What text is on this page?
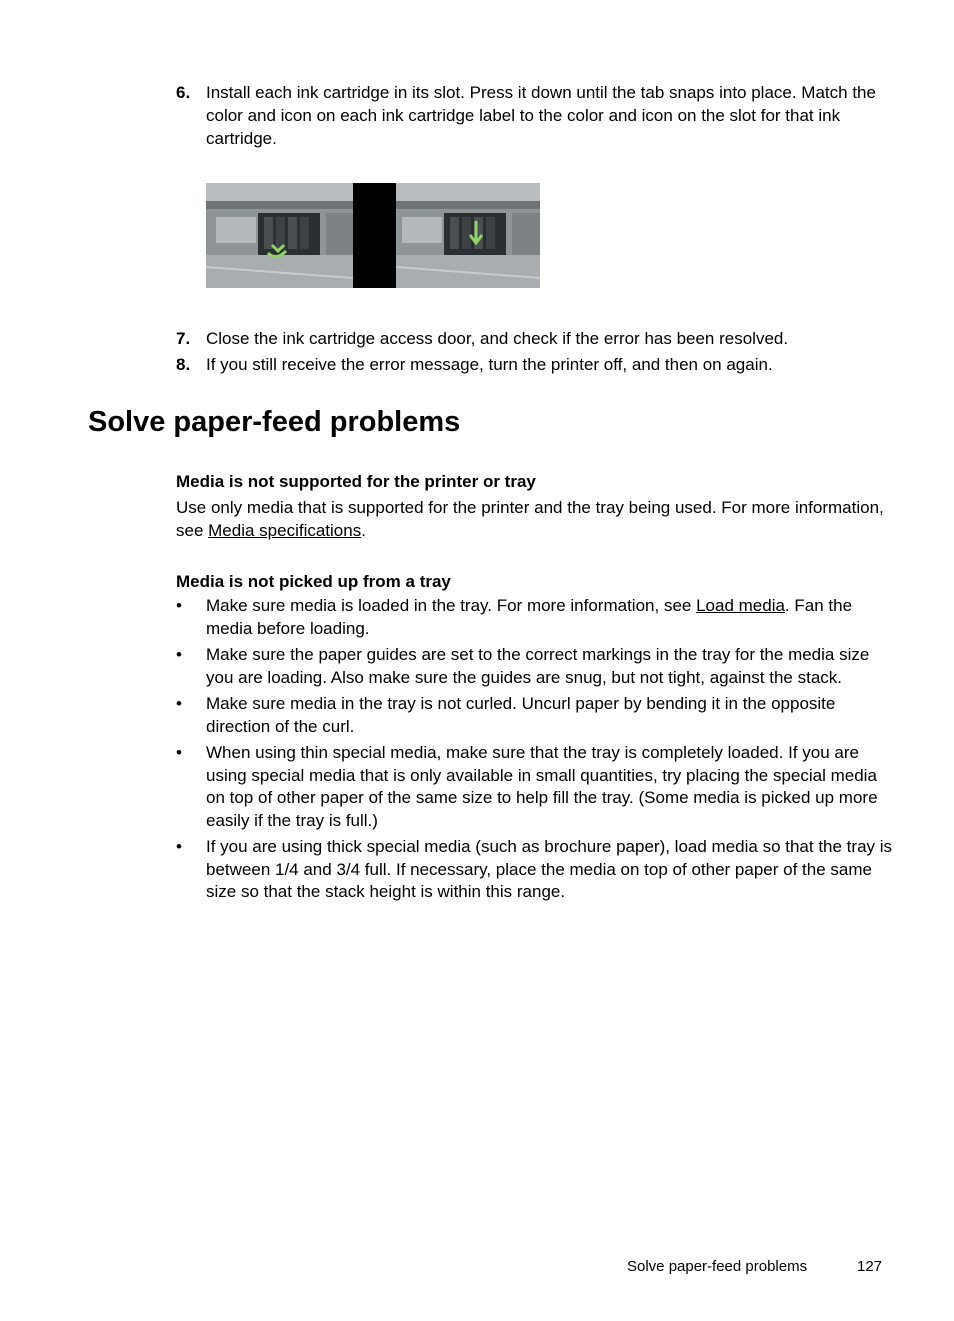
6. Install each ink cartridge in its slot. Press it down until the tab snaps into place. Match the color and icon on each ink cartridge label to the color and icon on the slot for that ink cartridge.
7. Close the ink cartridge access door, and check if the error has been resolved.
8. If you still receive the error message, turn the printer off, and then on again.
Solve paper-feed problems

Media is not supported for the printer or tray

Use only media that is supported for the printer and the tray being used. For more information, see Media specifications.

Media is not picked up from a tray

• Make sure media is loaded in the tray. For more information, see Load media. Fan the media before loading.
• Make sure the paper guides are set to the correct markings in the tray for the media size you are loading. Also make sure the guides are snug, but not tight, against the stack.
• Make sure media in the tray is not curled. Uncurl paper by bending it in the opposite direction of the curl.
• When using thin special media, make sure that the tray is completely loaded. If you are using special media that is only available in small quantities, try placing the special media on top of other paper of the same size to help fill the tray. (Some media is picked up more easily if the tray is full.)
• If you are using thick special media (such as brochure paper), load media so that the tray is between 1/4 and 3/4 full. If necessary, place the media on top of other paper of the same size so that the stack height is within this range.
Solve paper-feed problems	127
